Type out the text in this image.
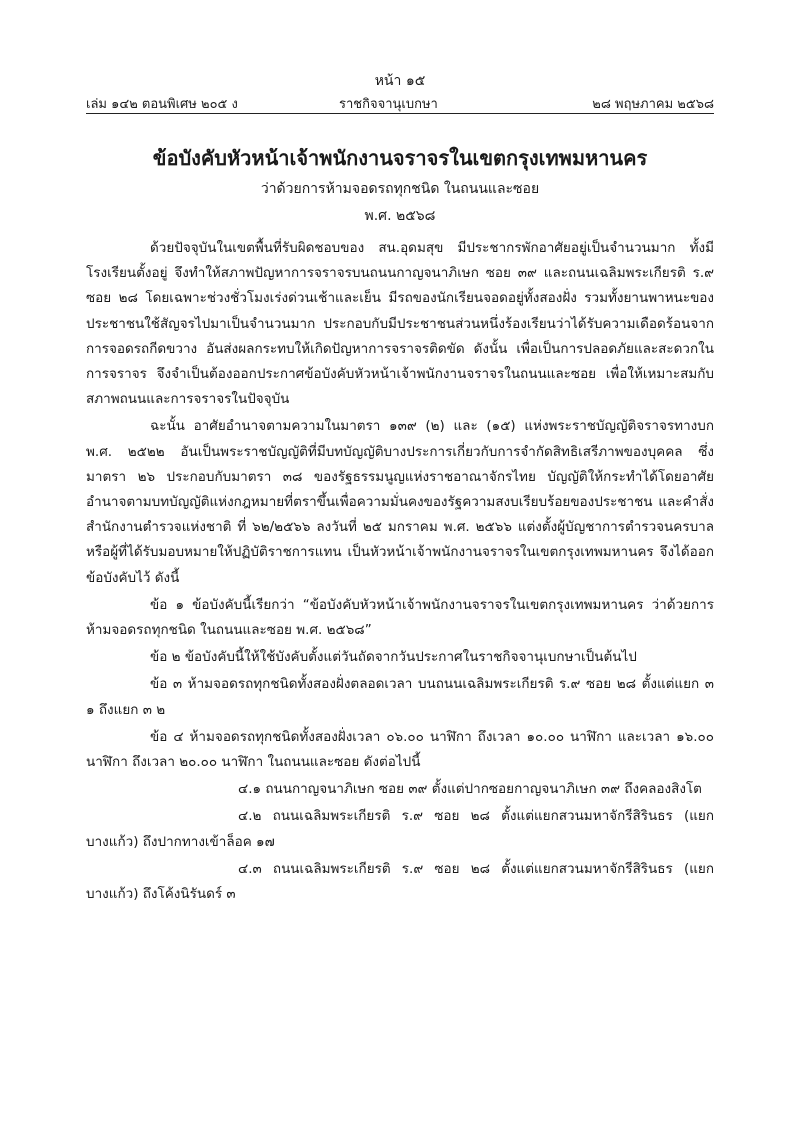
หน้า ๑๕
เล่ม ๑๔๒ ตอนพิเศษ ๒๐๕ ง	ราชกิจจานุเบกษา	๒๘ พฤษภาคม ๒๕๖๘
ข้อบังคับหัวหน้าเจ้าพนักงานจราจรในเขตกรุงเทพมหานคร
ว่าด้วยการห้ามจอดรถทุกชนิด ในถนนและซอย
พ.ศ. ๒๕๖๘

ด้วยปัจจุบันในเขตพื้นที่รับผิดชอบของ สน.อุดมสุข มีประชากรพักอาศัยอยู่เป็นจำนวนมาก ทั้งมีโรงเรียนตั้งอยู่ จึงทำให้สภาพปัญหาการจราจรบนถนนกาญจนาภิเษก ซอย ๓๙ และถนนเฉลิมพระเกียรติ ร.๙ ซอย ๒๘ โดยเฉพาะช่วงชั่วโมงเร่งด่วนเช้าและเย็น มีรถของนักเรียนจอดอยู่ทั้งสองฝั่ง รวมทั้งยานพาหนะของประชาชนใช้สัญจรไปมาเป็นจำนวนมาก ประกอบกับมีประชาชนส่วนหนึ่งร้องเรียนว่าได้รับความเดือดร้อนจากการจอดรถกีดขวาง อันส่งผลกระทบให้เกิดปัญหาการจราจรติดขัด ดังนั้น เพื่อเป็นการปลอดภัยและสะดวกในการจราจร จึงจำเป็นต้องออกประกาศข้อบังคับหัวหน้าเจ้าพนักงานจราจรในถนนและซอย เพื่อให้เหมาะสมกับสภาพถนนและการจราจรในปัจจุบัน

ฉะนั้น อาศัยอำนาจตามความในมาตรา ๑๓๙ (๒) และ (๑๕) แห่งพระราชบัญญัติจราจรทางบก พ.ศ. ๒๕๒๒ อันเป็นพระราชบัญญัติที่มีบทบัญญัติบางประการเกี่ยวกับการจำกัดสิทธิเสรีภาพของบุคคล ซึ่งมาตรา ๒๖ ประกอบกับมาตรา ๓๘ ของรัฐธรรมนูญแห่งราชอาณาจักรไทย บัญญัติให้กระทำได้โดยอาศัยอำนาจตามบทบัญญัติแห่งกฎหมายที่ตราขึ้นเพื่อความมั่นคงของรัฐความสงบเรียบร้อยของประชาชน และคำสั่งสำนักงานตำรวจแห่งชาติ ที่ ๖๒/๒๕๖๖ ลงวันที่ ๒๕ มกราคม พ.ศ. ๒๕๖๖ แต่งตั้งผู้บัญชาการตำรวจนครบาลหรือผู้ที่ได้รับมอบหมายให้ปฏิบัติราชการแทน เป็นหัวหน้าเจ้าพนักงานจราจรในเขตกรุงเทพมหานคร จึงได้ออกข้อบังคับไว้ ดังนี้

ข้อ ๑ ข้อบังคับนี้เรียกว่า “ข้อบังคับหัวหน้าเจ้าพนักงานจราจรในเขตกรุงเทพมหานคร ว่าด้วยการห้ามจอดรถทุกชนิด ในถนนและซอย พ.ศ. ๒๕๖๘”

ข้อ ๒ ข้อบังคับนี้ให้ใช้บังคับตั้งแต่วันถัดจากวันประกาศในราชกิจจานุเบกษาเป็นต้นไป

ข้อ ๓ ห้ามจอดรถทุกชนิดทั้งสองฝั่งตลอดเวลา บนถนนเฉลิมพระเกียรติ ร.๙ ซอย ๒๘ ตั้งแต่แยก ๓ ๑ ถึงแยก ๓ ๒

ข้อ ๔ ห้ามจอดรถทุกชนิดทั้งสองฝั่งเวลา ๐๖.๐๐ นาฬิกา ถึงเวลา ๑๐.๐๐ นาฬิกา และเวลา ๑๖.๐๐ นาฬิกา ถึงเวลา ๒๐.๐๐ นาฬิกา ในถนนและซอย ดังต่อไปนี้

๔.๑ ถนนกาญจนาภิเษก ซอย ๓๙ ตั้งแต่ปากซอยกาญจนาภิเษก ๓๙ ถึงคลองสิงโต

๔.๒ ถนนเฉลิมพระเกียรติ ร.๙ ซอย ๒๘ ตั้งแต่แยกสวนมหาจักรีสิรินธร (แยกบางแก้ว) ถึงปากทางเข้าล็อค ๑๗

๔.๓ ถนนเฉลิมพระเกียรติ ร.๙ ซอย ๒๘ ตั้งแต่แยกสวนมหาจักรีสิรินธร (แยกบางแก้ว) ถึงโค้งนิรันดร์ ๓
